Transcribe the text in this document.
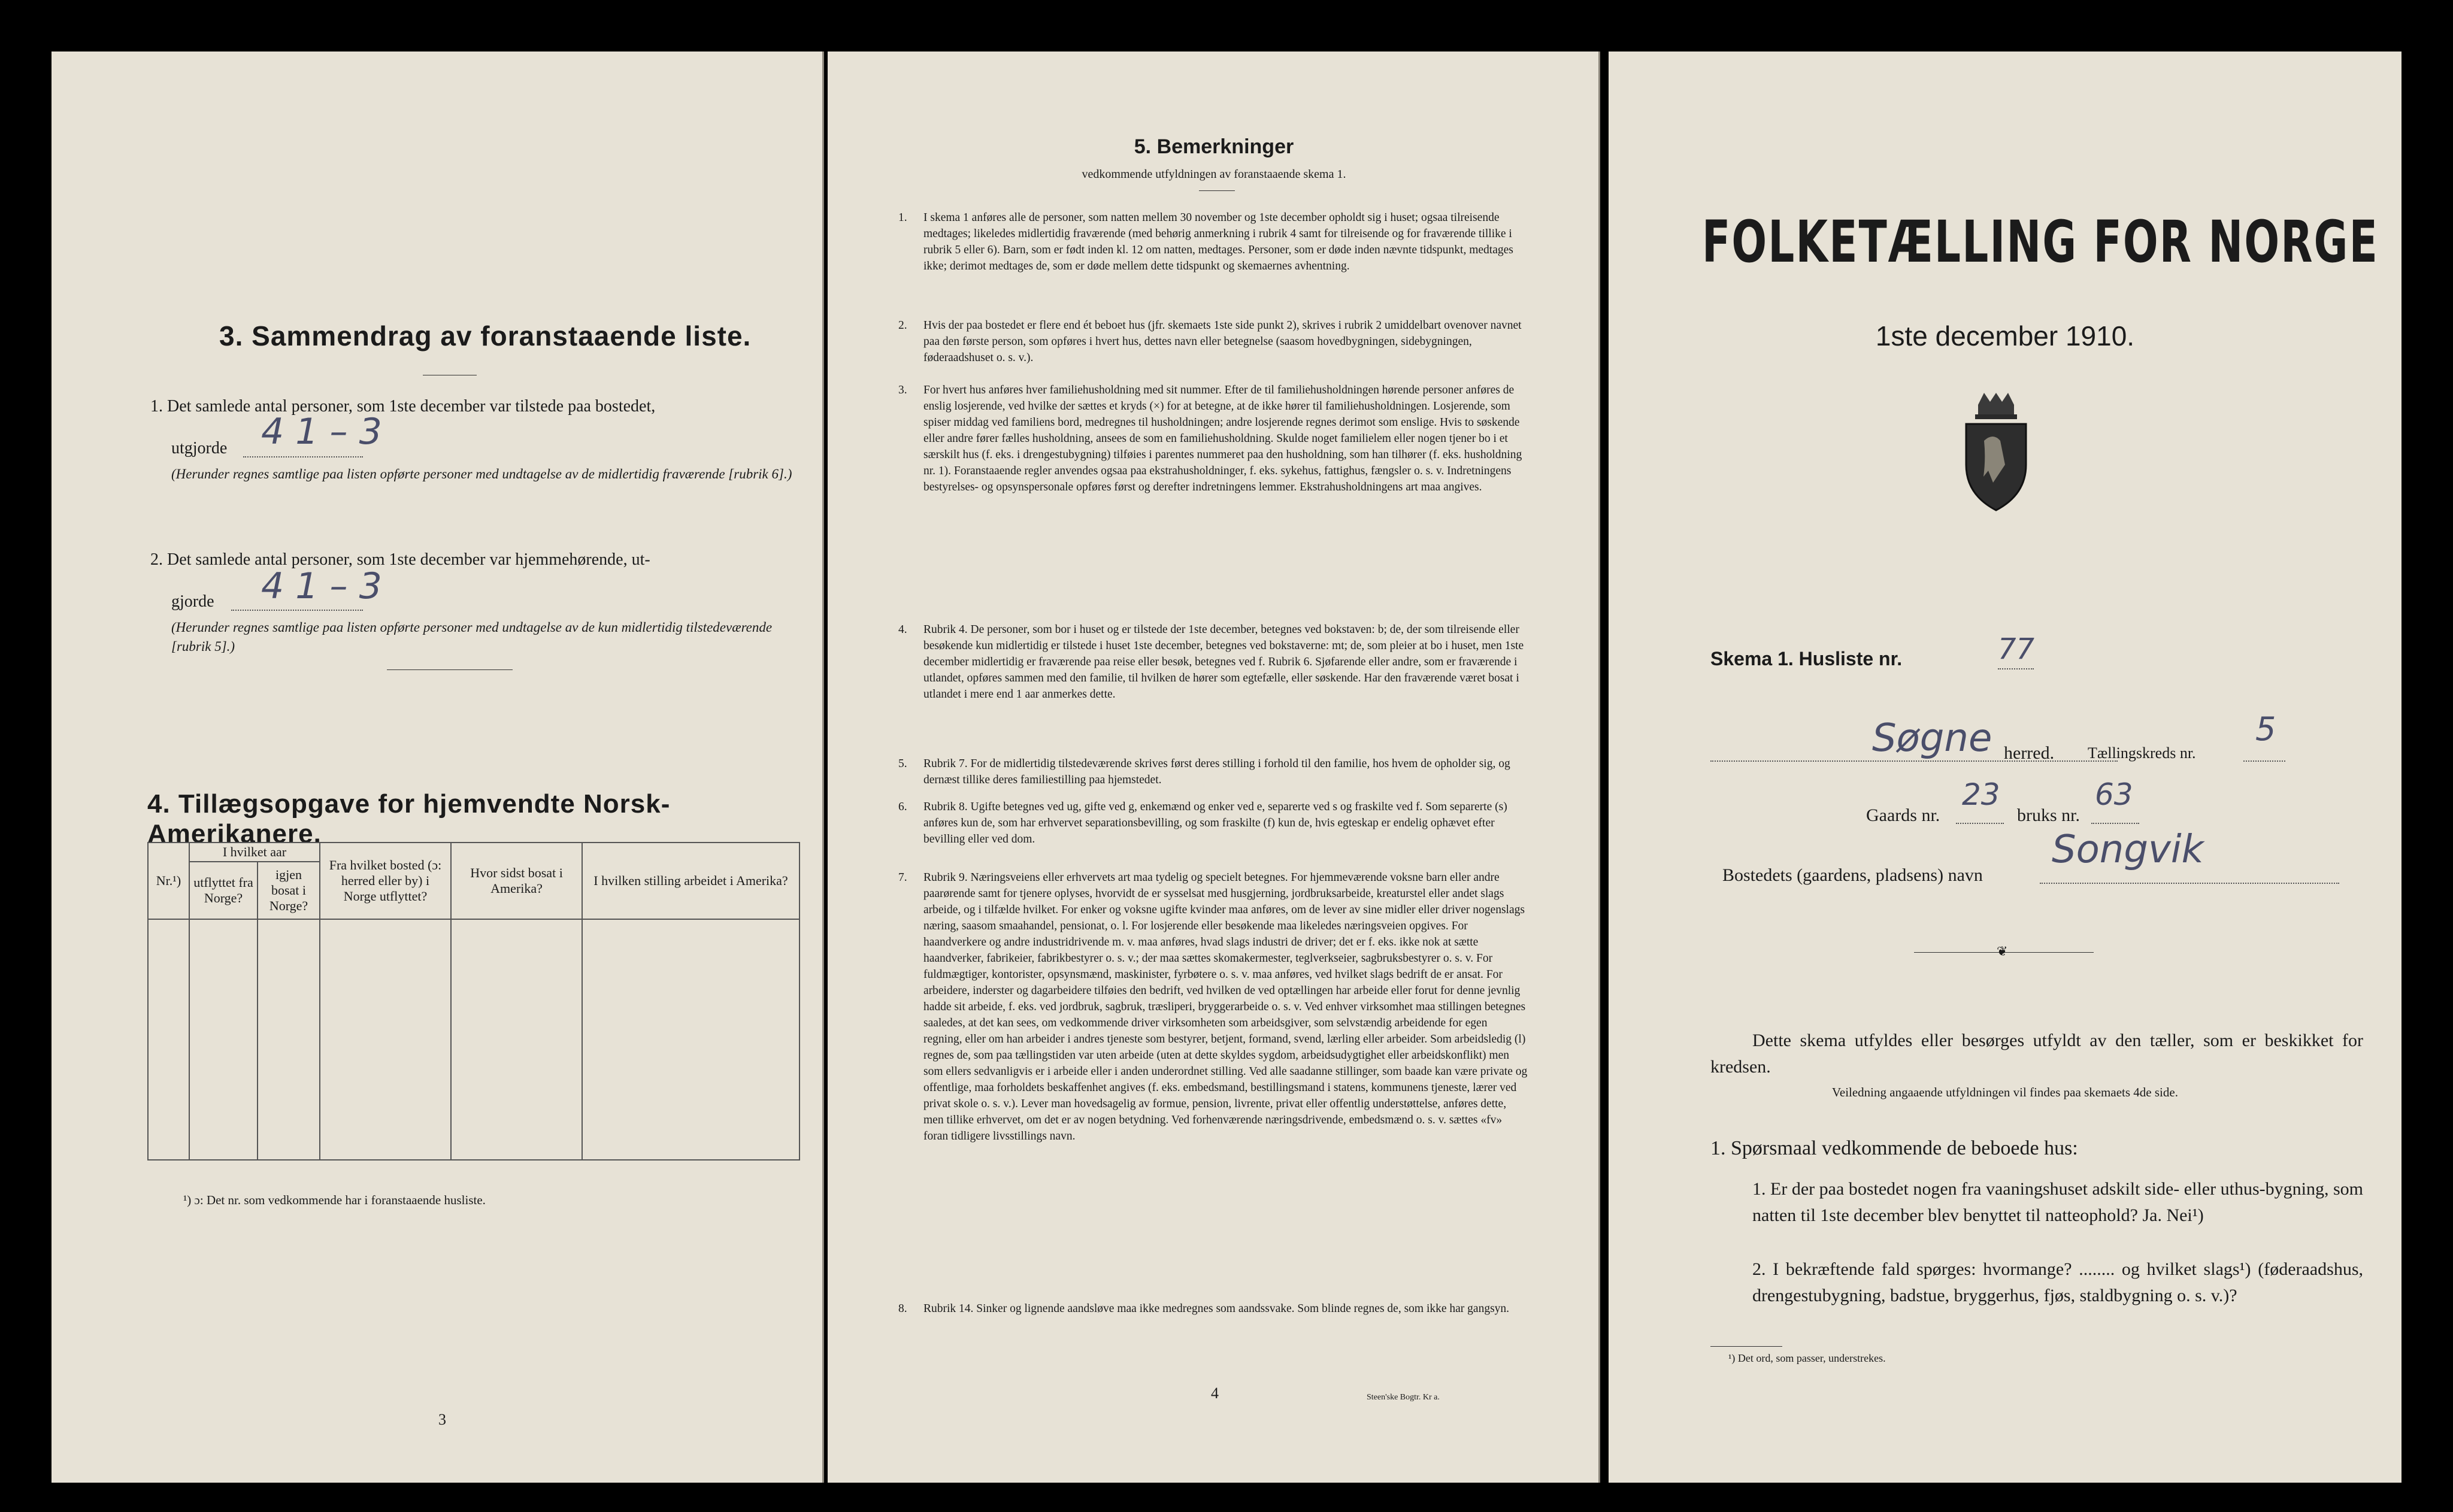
3. Sammendrag av foranstaaende liste.
1. Det samlede antal personer, som 1ste december var tilstede paa bostedet,
utgjorde 4 1 – 3
(Herunder regnes samtlige paa listen opførte personer med undtagelse av de midlertidig fraværende [rubrik 6].)
2. Det samlede antal personer, som 1ste december var hjemmehørende, ut-
gjorde 4 1 – 3
(Herunder regnes samtlige paa listen opførte personer med undtagelse av de kun midlertidig tilstedeværende [rubrik 5].)
4. Tillægsopgave for hjemvendte Norsk-Amerikanere.
Nr.¹)	I hvilket aar		Fra hvilket bosted (ɔ: herred eller by) i Norge utflyttet?	Hvor sidst bosat i Amerika?	I hvilken stilling arbeidet i Amerika?
	utflyttet fra Norge?	igjen bosat i Norge?			

¹) ɔ: Det nr. som vedkommende har i foranstaaende husliste.
3
5. Bemerkninger
vedkommende utfyldningen av foranstaaende skema 1.
1. I skema 1 anføres alle de personer, som natten mellem 30 november og 1ste december opholdt sig i huset; ogsaa tilreisende medtages; likeledes midlertidig fraværende (med behørig anmerkning i rubrik 4 samt for tilreisende og for fraværende tillike i rubrik 5 eller 6). Barn, som er født inden kl. 12 om natten, medtages. Personer, som er døde inden nævnte tidspunkt, medtages ikke; derimot medtages de, som er døde mellem dette tidspunkt og skemaernes avhentning.
2. Hvis der paa bostedet er flere end ét beboet hus (jfr. skemaets 1ste side punkt 2), skrives i rubrik 2 umiddelbart ovenover navnet paa den første person, som opføres i hvert hus, dettes navn eller betegnelse (saasom hovedbygningen, sidebygningen, føderaadshuset o. s. v.).
3. For hvert hus anføres hver familiehusholdning med sit nummer. Efter de til familiehusholdningen hørende personer anføres de enslig losjerende, ved hvilke der sættes et kryds (×) for at betegne, at de ikke hører til familiehusholdningen. Losjerende, som spiser middag ved familiens bord, medregnes til husholdningen; andre losjerende regnes derimot som enslige. Hvis to søskende eller andre fører fælles husholdning, ansees de som en familiehusholdning. Skulde noget familielem eller nogen tjener bo i et særskilt hus (f. eks. i drengestubygning) tilføies i parentes nummeret paa den husholdning, som han tilhører (f. eks. husholdning nr. 1). Foranstaaende regler anvendes ogsaa paa ekstrahusholdninger, f. eks. sykehus, fattighus, fængsler o. s. v. Indretningens bestyrelses- og opsynspersonale opføres først og derefter indretningens lemmer. Ekstrahusholdningens art maa angives.
4. Rubrik 4. De personer, som bor i huset og er tilstede der 1ste december, betegnes ved bokstaven: b; de, der som tilreisende eller besøkende kun midlertidig er tilstede i huset 1ste december, betegnes ved bokstaverne: mt; de, som pleier at bo i huset, men 1ste december midlertidig er fraværende paa reise eller besøk, betegnes ved f. Rubrik 6. Sjøfarende eller andre, som er fraværende i utlandet, opføres sammen med den familie, til hvilken de hører som egtefælle, eller søskende. Har den fraværende været bosat i utlandet i mere end 1 aar anmerkes dette.
5. Rubrik 7. For de midlertidig tilstedeværende skrives først deres stilling i forhold til den familie, hos hvem de opholder sig, og dernæst tillike deres familiestilling paa hjemstedet.
6. Rubrik 8. Ugifte betegnes ved ug, gifte ved g, enkemænd og enker ved e, separerte ved s og fraskilte ved f. Som separerte (s) anføres kun de, som har erhvervet separationsbevilling, og som fraskilte (f) kun de, hvis egteskap er endelig ophævet efter bevilling eller ved dom.
7. Rubrik 9. Næringsveiens eller erhvervets art maa tydelig og specielt betegnes. For hjemmeværende voksne barn eller andre paarørende samt for tjenere oplyses, hvorvidt de er sysselsat med husgjerning, jordbruksarbeide, kreaturstel eller andet slags arbeide, og i tilfælde hvilket. For enker og voksne ugifte kvinder maa anføres, om de lever av sine midler eller driver nogenslags næring, saasom smaahandel, pensionat, o. l. For losjerende eller besøkende maa likeledes næringsveien opgives. For haandverkere og andre industridrivende m. v. maa anføres, hvad slags industri de driver; det er f. eks. ikke nok at sætte haandverker, fabrikeier, fabrikbestyrer o. s. v.; der maa sættes skomakermester, teglverkseier, sagbruksbestyrer o. s. v. For fuldmægtiger, kontorister, opsynsmænd, maskinister, fyrbøtere o. s. v. maa anføres, ved hvilket slags bedrift de er ansat. For arbeidere, inderster og dagarbeidere tilføies den bedrift, ved hvilken de ved optællingen har arbeide eller forut for denne jevnlig hadde sit arbeide, f. eks. ved jordbruk, sagbruk, træsliperi, bryggerarbeide o. s. v. Ved enhver virksomhet maa stillingen betegnes saaledes, at det kan sees, om vedkommende driver virksomheten som arbeidsgiver, som selvstændig arbeidende for egen regning, eller om han arbeider i andres tjeneste som bestyrer, betjent, formand, svend, lærling eller arbeider. Som arbeidsledig (l) regnes de, som paa tællingstiden var uten arbeide (uten at dette skyldes sygdom, arbeidsudygtighet eller arbeidskonflikt) men som ellers sedvanligvis er i arbeide eller i anden underordnet stilling. Ved alle saadanne stillinger, som baade kan være private og offentlige, maa forholdets beskaffenhet angives (f. eks. embedsmand, bestillingsmand i statens, kommunens tjeneste, lærer ved privat skole o. s. v.). Lever man hovedsagelig av formue, pension, livrente, privat eller offentlig understøttelse, anføres dette, men tillike erhvervet, om det er av nogen betydning. Ved forhenværende næringsdrivende, embedsmænd o. s. v. sættes «fv» foran tidligere livsstillings navn.
8. Rubrik 14. Sinker og lignende aandsløve maa ikke medregnes som aandssvake. Som blinde regnes de, som ikke har gangsyn.
4	Steen'ske Bogtr. Kr a.
FOLKETÆLLING FOR NORGE
1ste december 1910.
Skema 1. Husliste nr.	77
Søgne herred. Tællingskreds nr.
5
Gaards nr.
23
bruks nr.
63
Bostedets (gaardens, pladsens) navn
Songvik
❦
Dette skema utfyldes eller besørges utfyldt av den tæller, som er beskikket for kredsen.
Veiledning angaaende utfyldningen vil findes paa skemaets 4de side.
1. Spørsmaal vedkommende de beboede hus:
1. Er der paa bostedet nogen fra vaaningshuset adskilt side- eller uthus-bygning, som natten til 1ste december blev benyttet til natteophold? Ja. Nei¹)
2. I bekræftende fald spørges: hvormange? ........ og hvilket slags¹) (føderaadshus, drengestubygning, badstue, bryggerhus, fjøs, staldbygning o. s. v.)?
¹) Det ord, som passer, understrekes.
